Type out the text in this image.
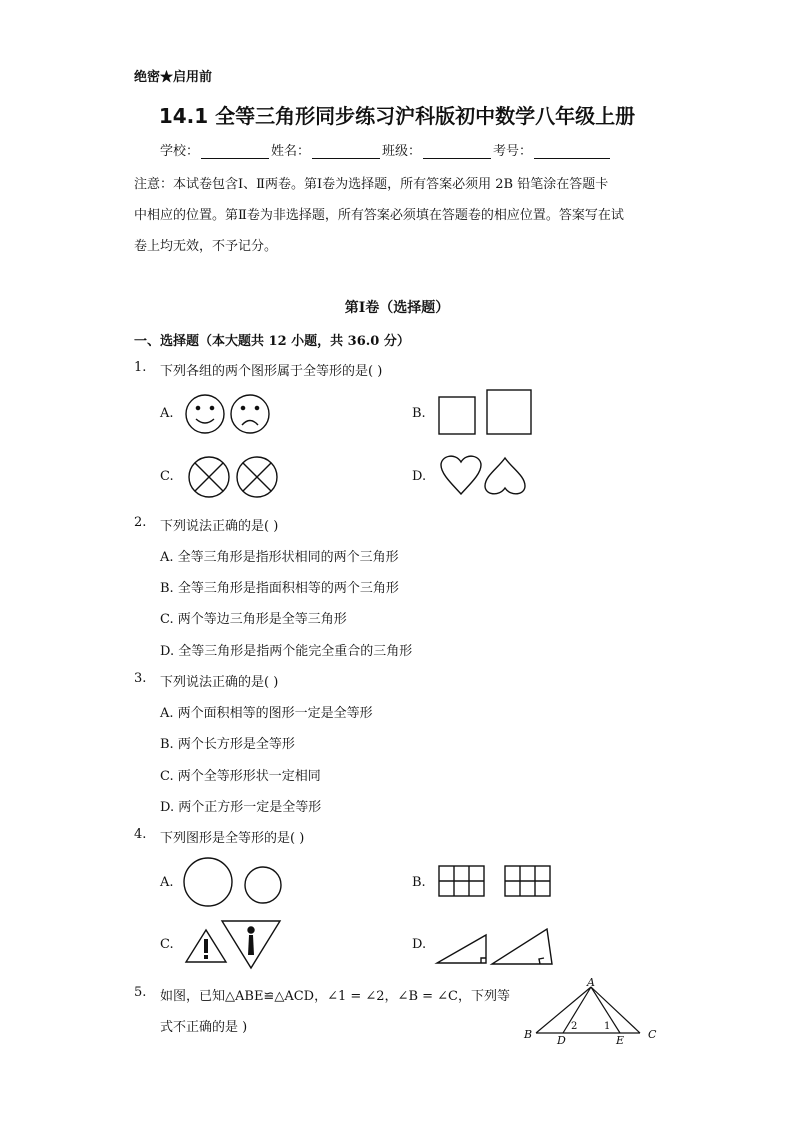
绝密★启用前
14.1 全等三角形同步练习沪科版初中数学八年级上册
学校：	姓名：	班级：	考号：
注意：本试卷包含Ⅰ、Ⅱ两卷。第Ⅰ卷为选择题，所有答案必须用 2B 铅笔涂在答题卡
中相应的位置。第Ⅱ卷为非选择题，所有答案必须填在答题卷的相应位置。答案写在试
卷上均无效，不予记分。
第Ⅰ卷（选择题）
一、选择题（本大题共 12 小题，共 36.0 分）
1. 下列各组的两个图形属于全等形的是( )
A.	B.
C.	D.
2. 下列说法正确的是( )
A. 全等三角形是指形状相同的两个三角形
B. 全等三角形是指面积相等的两个三角形
C. 两个等边三角形是全等三角形
D. 全等三角形是指两个能完全重合的三角形
3. 下列说法正确的是( )
A. 两个面积相等的图形一定是全等形
B. 两个长方形是全等形
C. 两个全等形形状一定相同
D. 两个正方形一定是全等形
4. 下列图形是全等形的是( )
A.	B.
C.	D.
5. 如图，已知△ABE≌△ACD，∠1 = ∠2，∠B = ∠C，下列等
式不正确的是 )
A
B	C
D	E
1
2
